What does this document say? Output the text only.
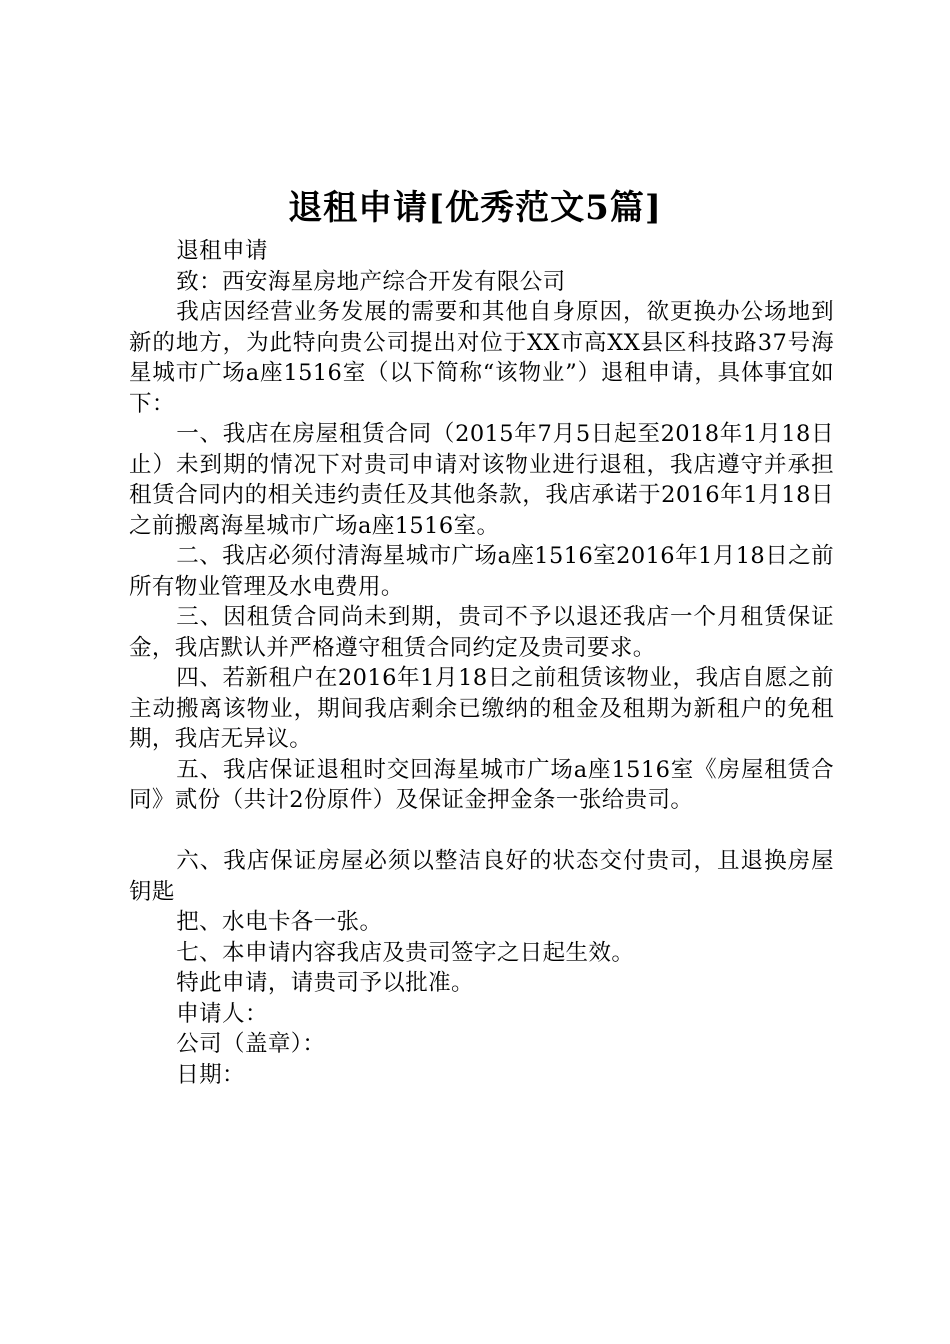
退租申请[优秀范文5篇]

退租申请

致：西安海星房地产综合开发有限公司

我店因经营业务发展的需要和其他自身原因，欲更换办公场地到新的地方，为此特向贵公司提出对位于XX市高XX县区科技路37号海星城市广场a座1516室（以下简称“该物业”）退租申请，具体事宜如下：

一、我店在房屋租赁合同（2015年7月5日起至2018年1月18日止）未到期的情况下对贵司申请对该物业进行退租，我店遵守并承担租赁合同内的相关违约责任及其他条款，我店承诺于2016年1月18日之前搬离海星城市广场a座1516室。

二、我店必须付清海星城市广场a座1516室2016年1月18日之前所有物业管理及水电费用。

三、因租赁合同尚未到期，贵司不予以退还我店一个月租赁保证金，我店默认并严格遵守租赁合同约定及贵司要求。

四、若新租户在2016年1月18日之前租赁该物业，我店自愿之前主动搬离该物业，期间我店剩余已缴纳的租金及租期为新租户的免租期，我店无异议。

五、我店保证退租时交回海星城市广场a座1516室《房屋租赁合同》贰份（共计2份原件）及保证金押金条一张给贵司。

六、我店保证房屋必须以整洁良好的状态交付贵司，且退换房屋钥匙

把、水电卡各一张。

七、本申请内容我店及贵司签字之日起生效。

特此申请，请贵司予以批准。

申请人：

公司（盖章）：

日期：
